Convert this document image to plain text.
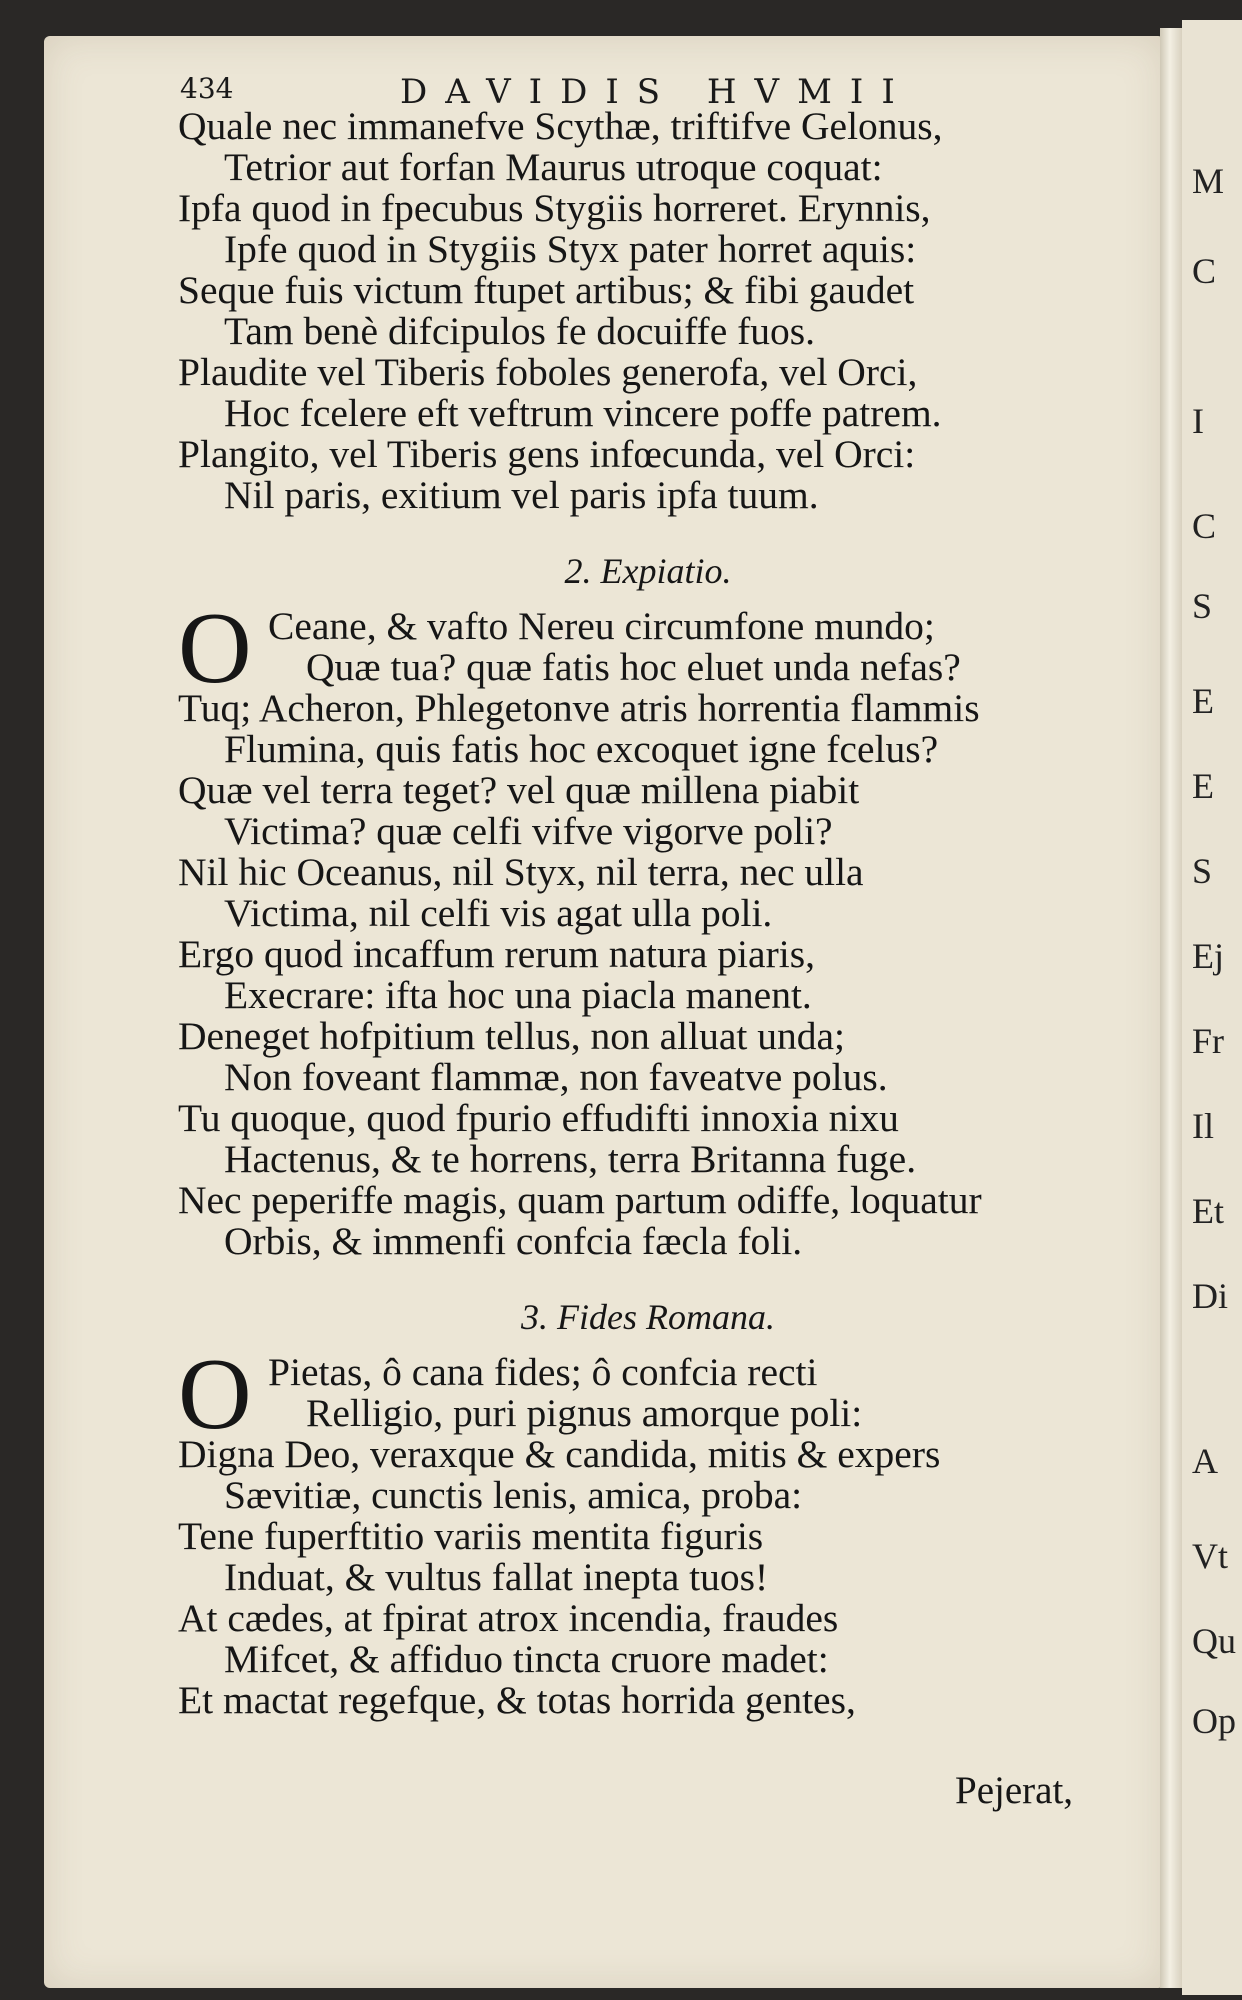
M
C
I
C
S
E
E
S
Ej
Fr
Il
Et
Di
A
Vt
Qu
Op
434	DAVIDIS HVMII
Quale nec immanefve Scythæ, triftifve Gelonus,
Tetrior aut forfan Maurus utroque coquat:
Ipfa quod in fpecubus Stygiis horreret. Erynnis,
Ipfe quod in Stygiis Styx pater horret aquis:
Seque fuis victum ftupet artibus; & fibi gaudet
Tam benè difcipulos fe docuiffe fuos.
Plaudite vel Tiberis foboles generofa, vel Orci,
Hoc fcelere eft veftrum vincere poffe patrem.
Plangito, vel Tiberis gens infœcunda, vel Orci:
Nil paris, exitium vel paris ipfa tuum.
2. Expiatio.
O Ceane, & vafto Nereu circumfone mundo;
Quæ tua? quæ fatis hoc eluet unda nefas?
Tuq; Acheron, Phlegetonve atris horrentia flammis
Flumina, quis fatis hoc excoquet igne fcelus?
Quæ vel terra teget? vel quæ millena piabit
Victima? quæ celfi vifve vigorve poli?
Nil hic Oceanus, nil Styx, nil terra, nec ulla
Victima, nil celfi vis agat ulla poli.
Ergo quod incaffum rerum natura piaris,
Execrare: ifta hoc una piacla manent.
Deneget hofpitium tellus, non alluat unda;
Non foveant flammæ, non faveatve polus.
Tu quoque, quod fpurio effudifti innoxia nixu
Hactenus, & te horrens, terra Britanna fuge.
Nec peperiffe magis, quam partum odiffe, loquatur
Orbis, & immenfi confcia fæcla foli.
3. Fides Romana.
O Pietas, ô cana fides; ô confcia recti
Relligio, puri pignus amorque poli:
Digna Deo, veraxque & candida, mitis & expers
Sævitiæ, cunctis lenis, amica, proba:
Tene fuperftitio variis mentita figuris
Induat, & vultus fallat inepta tuos!
At cædes, at fpirat atrox incendia, fraudes
Mifcet, & affiduo tincta cruore madet:
Et mactat regefque, & totas horrida gentes,
Pejerat,
